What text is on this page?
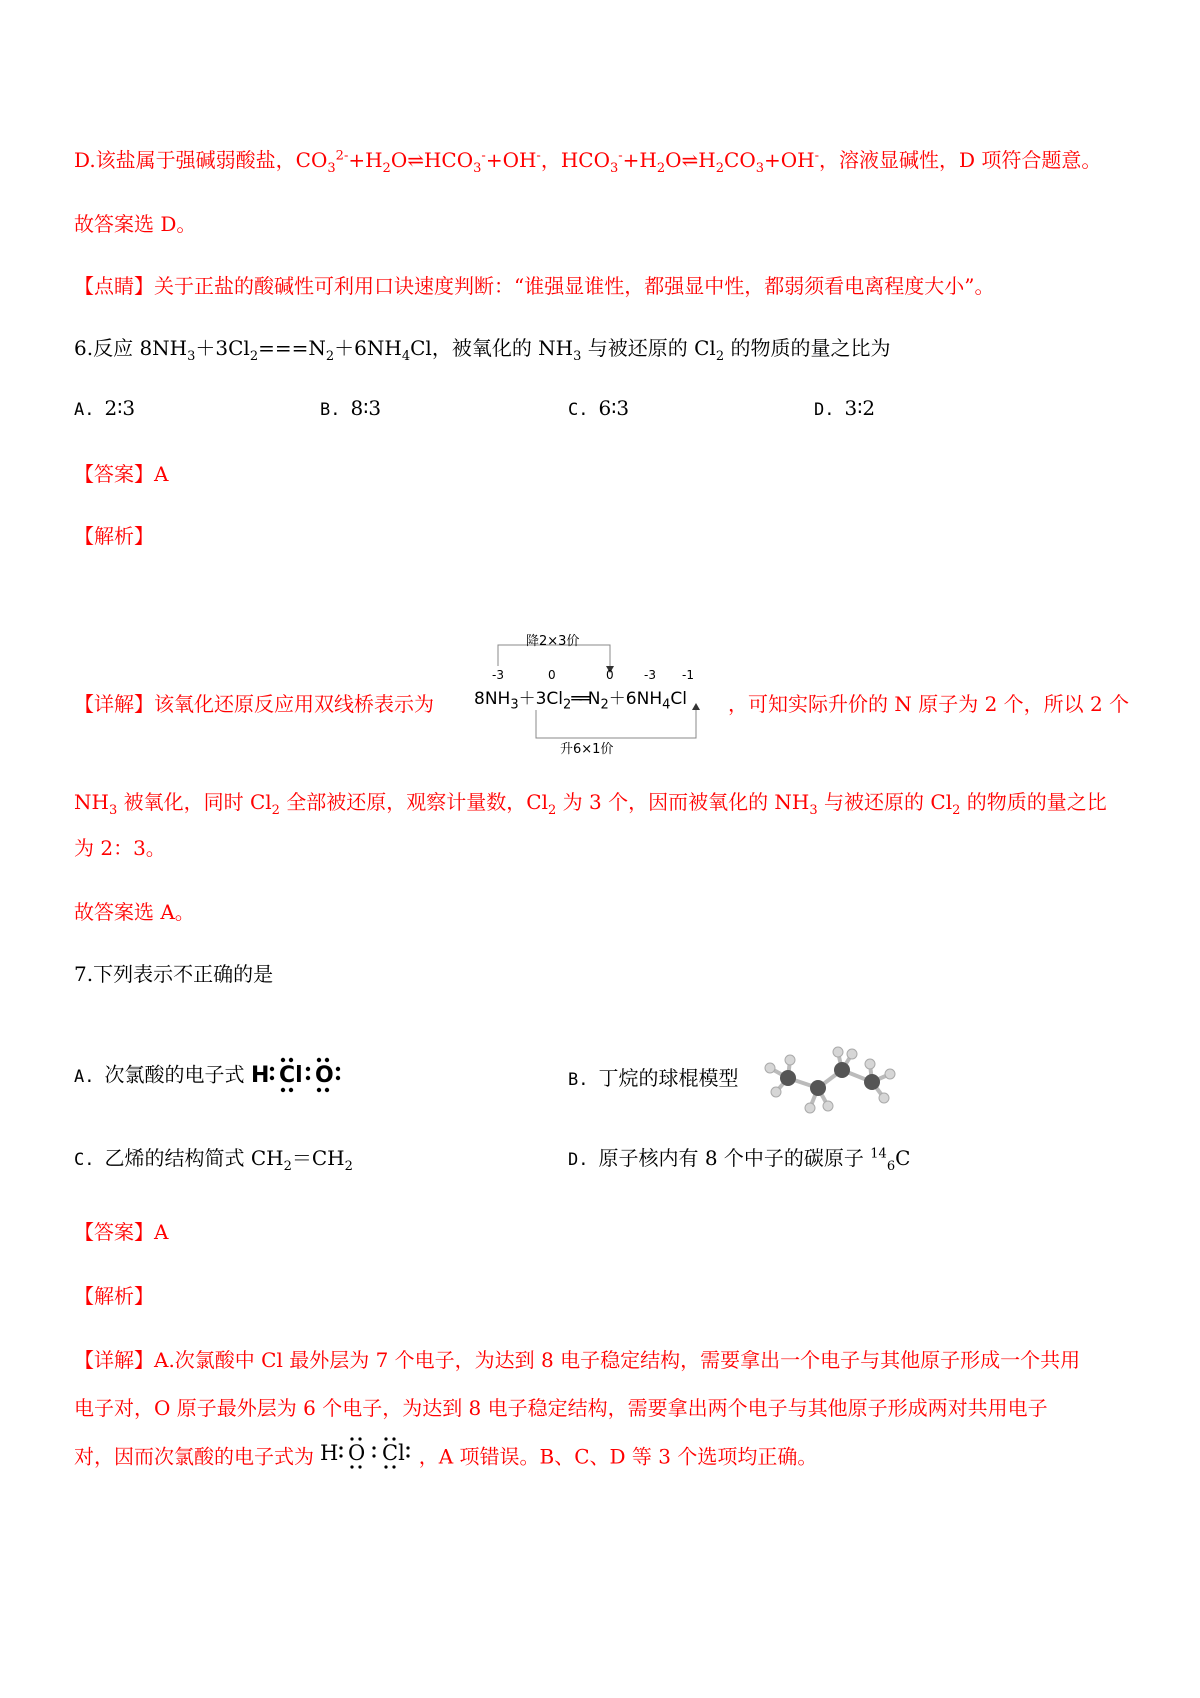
D.该盐属于强碱弱酸盐，$CO_3^{2-}+H_2O\rightleftharpoons HCO_3^-+OH^-$，$HCO_3^-+H_2O\rightleftharpoons H_2CO_3+OH^-$，溶液显碱性，D 项符合题意。
故答案选 D。
【点睛】关于正盐的酸碱性可利用口诀速度判断：“谁强显谁性，都强显中性，都弱须看电离程度大小”。
6.反应 $8NH_3+3Cl_2===N_2+6NH_4Cl$，被氧化的 $NH_3$ 与被还原的 $Cl_2$ 的物质的量之比为
A. 2∶3	B. 8∶3	C. 6∶3	D. 3∶2
【答案】A
【解析】
【详解】该氧化还原反应用双线桥表示为
降2×3价
升6×1价
-3	0	0	-3 -1
$8NH_3+3Cl_2══N_2+6NH_4Cl$ ，可知实际升价的 N 原子为 2 个，所以 2 个
$NH_3$ 被氧化，同时 $Cl_2$ 全部被还原，观察计量数，$Cl_2$ 为 3 个，因而被氧化的 $NH_3$ 与被还原的 $Cl_2$ 的物质的量之比
为 2：3。
故答案选 A。
7.下列表示不正确的是
A. 次氯酸的电子式 H Cl O	B. 丁烷的球棍模型
C. 乙烯的结构简式 $CH_2=CH_2$	D. 原子核内有 8 个中子的碳原子 $^{14}_6$C
【答案】A
【解析】
【详解】A.次氯酸中 Cl 最外层为 7 个电子，为达到 8 电子稳定结构，需要拿出一个电子与其他原子形成一个共用
电子对，O 原子最外层为 6 个电子，为达到 8 电子稳定结构，需要拿出两个电子与其他原子形成两对共用电子
对，因而次氯酸的电子式为 H O Cl ，A 项错误。B、C、D 等 3 个选项均正确。
